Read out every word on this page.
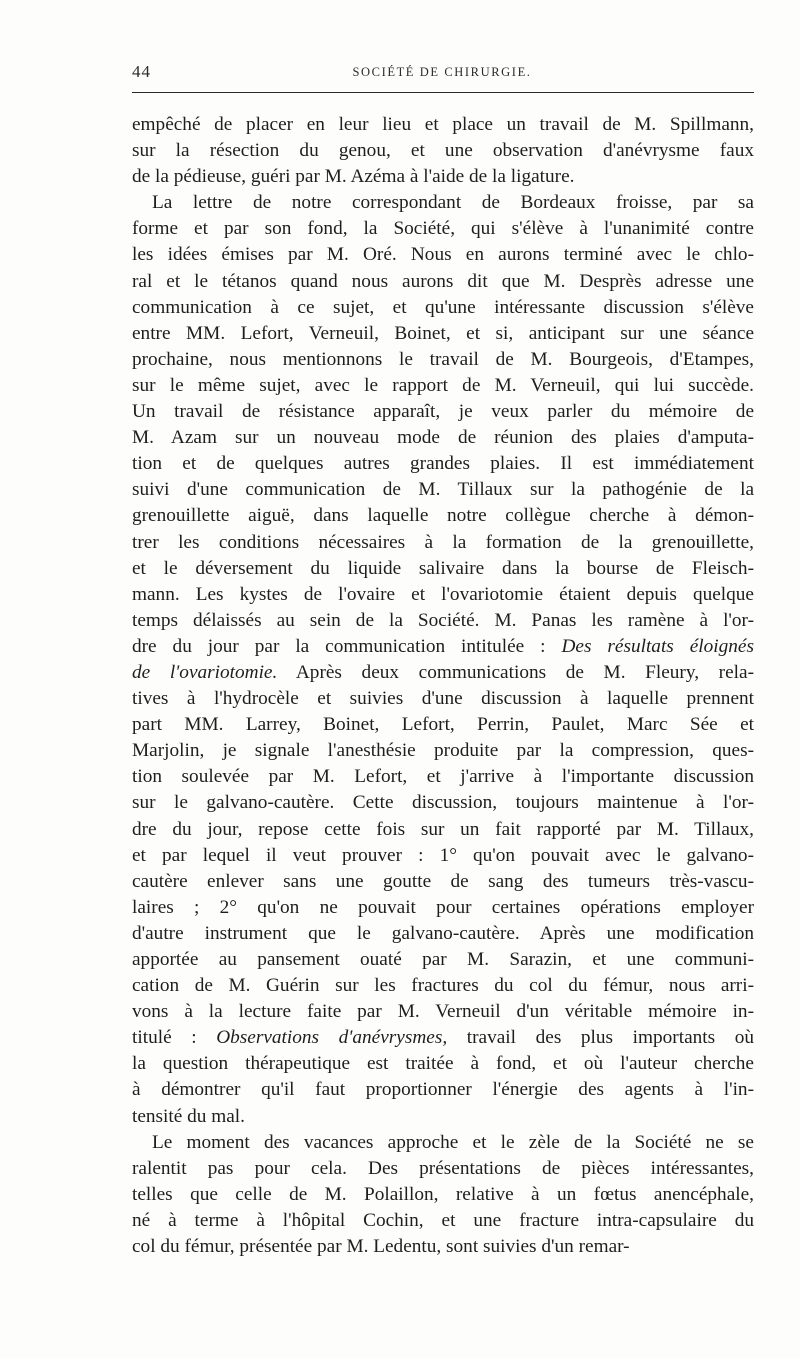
44	SOCIÉTÉ DE CHIRURGIE.
empêché de placer en leur lieu et place un travail de M. Spillmann,
sur la résection du genou, et une observation d'anévrysme faux
de la pédieuse, guéri par M. Azéma à l'aide de la ligature.
La lettre de notre correspondant de Bordeaux froisse, par sa
forme et par son fond, la Société, qui s'élève à l'unanimité contre
les idées émises par M. Oré. Nous en aurons terminé avec le chlo-
ral et le tétanos quand nous aurons dit que M. Desprès adresse une
communication à ce sujet, et qu'une intéressante discussion s'élève
entre MM. Lefort, Verneuil, Boinet, et si, anticipant sur une séance
prochaine, nous mentionnons le travail de M. Bourgeois, d'Etampes,
sur le même sujet, avec le rapport de M. Verneuil, qui lui succède.
Un travail de résistance apparaît, je veux parler du mémoire de
M. Azam sur un nouveau mode de réunion des plaies d'amputa-
tion et de quelques autres grandes plaies. Il est immédiatement
suivi d'une communication de M. Tillaux sur la pathogénie de la
grenouillette aiguë, dans laquelle notre collègue cherche à démon-
trer les conditions nécessaires à la formation de la grenouillette,
et le déversement du liquide salivaire dans la bourse de Fleisch-
mann. Les kystes de l'ovaire et l'ovariotomie étaient depuis quelque
temps délaissés au sein de la Société. M. Panas les ramène à l'or-
dre du jour par la communication intitulée : Des résultats éloignés
de l'ovariotomie. Après deux communications de M. Fleury, rela-
tives à l'hydrocèle et suivies d'une discussion à laquelle prennent
part MM. Larrey, Boinet, Lefort, Perrin, Paulet, Marc Sée et
Marjolin, je signale l'anesthésie produite par la compression, ques-
tion soulevée par M. Lefort, et j'arrive à l'importante discussion
sur le galvano-cautère. Cette discussion, toujours maintenue à l'or-
dre du jour, repose cette fois sur un fait rapporté par M. Tillaux,
et par lequel il veut prouver : 1° qu'on pouvait avec le galvano-
cautère enlever sans une goutte de sang des tumeurs très-vascu-
laires ; 2° qu'on ne pouvait pour certaines opérations employer
d'autre instrument que le galvano-cautère. Après une modification
apportée au pansement ouaté par M. Sarazin, et une communi-
cation de M. Guérin sur les fractures du col du fémur, nous arri-
vons à la lecture faite par M. Verneuil d'un véritable mémoire in-
titulé : Observations d'anévrysmes, travail des plus importants où
la question thérapeutique est traitée à fond, et où l'auteur cherche
à démontrer qu'il faut proportionner l'énergie des agents à l'in-
tensité du mal.
Le moment des vacances approche et le zèle de la Société ne se
ralentit pas pour cela. Des présentations de pièces intéressantes,
telles que celle de M. Polaillon, relative à un fœtus anencéphale,
né à terme à l'hôpital Cochin, et une fracture intra-capsulaire du
col du fémur, présentée par M. Ledentu, sont suivies d'un remar-
